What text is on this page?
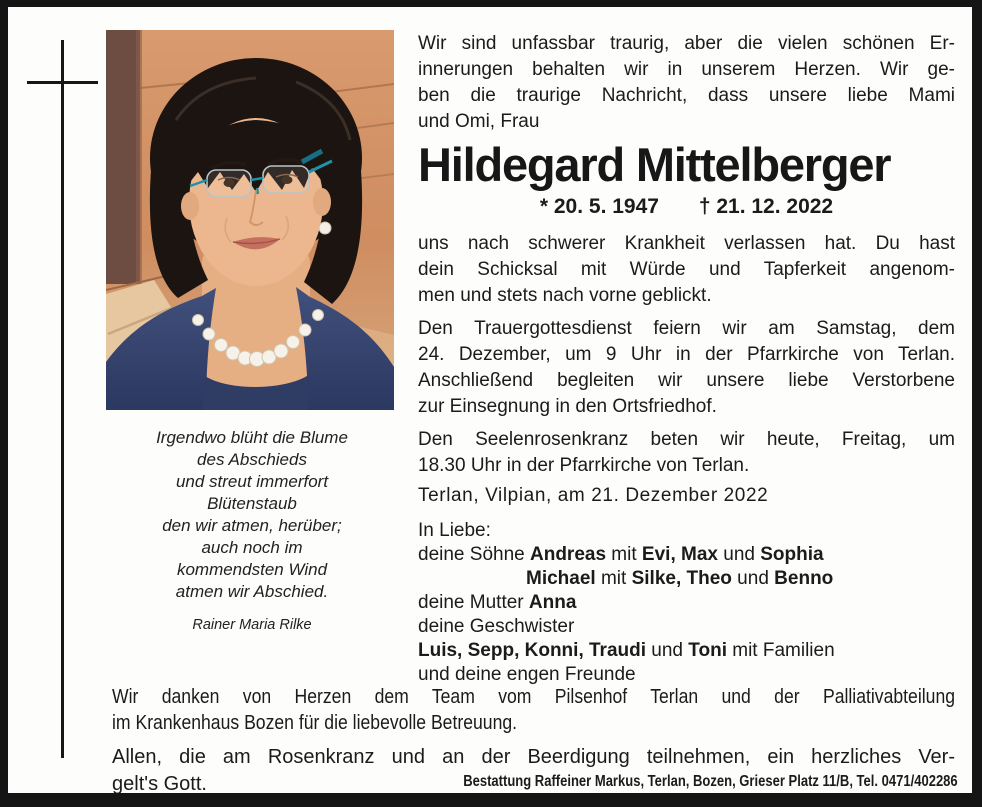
Irgendwo blüht die Blume
des Abschieds
und streut immerfort
Blütenstaub
den wir atmen, herüber;
auch noch im
kommendsten Wind
atmen wir Abschied.
Rainer Maria Rilke

Wir sind unfassbar traurig, aber die vielen schönen Er-
innerungen behalten wir in unserem Herzen. Wir ge-
ben die traurige Nachricht, dass unsere liebe Mami
und Omi, Frau

Hildegard Mittelberger
* 20. 5. 1947 † 21. 12. 2022

uns nach schwerer Krankheit verlassen hat. Du hast
dein Schicksal mit Würde und Tapferkeit angenom-
men und stets nach vorne geblickt.

Den Trauergottesdienst feiern wir am Samstag, dem
24. Dezember, um 9 Uhr in der Pfarrkirche von Terlan.
Anschließend begleiten wir unsere liebe Verstorbene
zur Einsegnung in den Ortsfriedhof.

Den Seelenrosenkranz beten wir heute, Freitag, um
18.30 Uhr in der Pfarrkirche von Terlan.

Terlan, Vilpian, am 21. Dezember 2022
In Liebe:
deine Söhne Andreas mit Evi, Max und Sophia
Michael mit Silke, Theo und Benno
deine Mutter Anna
deine Geschwister
Luis, Sepp, Konni, Traudi und Toni mit Familien
und deine engen Freunde
Wir danken von Herzen dem Team vom Pilsenhof Terlan und der Palliativabteilung
im Krankenhaus Bozen für die liebevolle Betreuung.
Allen, die am Rosenkranz und an der Beerdigung teilnehmen, ein herzliches Ver-
gelt's Gott.	Bestattung Raffeiner Markus, Terlan, Bozen, Grieser Platz 11/B, Tel. 0471/402286
